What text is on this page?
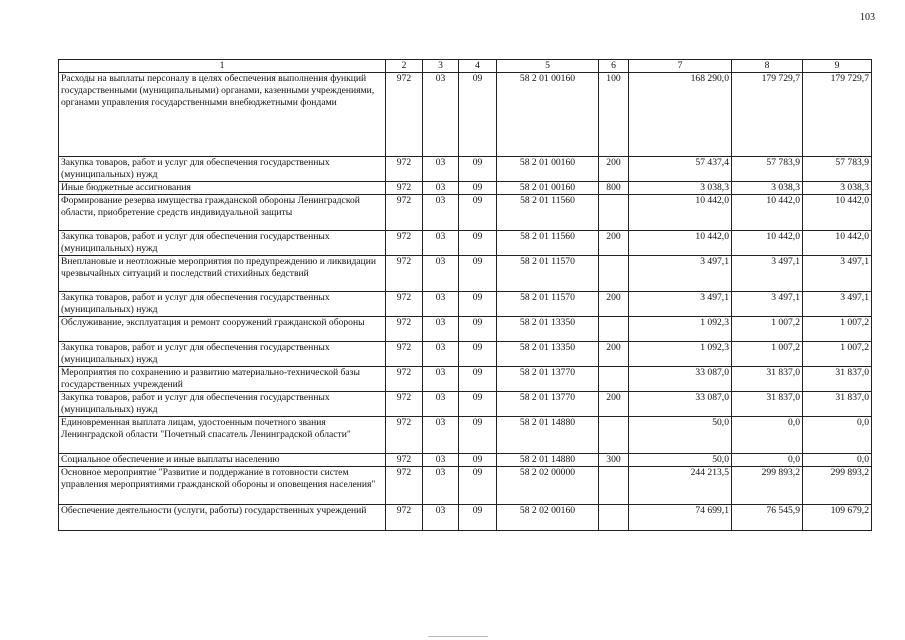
103
1	2	3	4	5	6	7	8	9
Расходы на выплаты персоналу в целях обеспечения выполнения функций государственными (муниципальными) органами, казенными учреждениями, органами управления государственными внебюджетными фондами	972	03	09	58 2 01 00160	100	168 290,0	179 729,7	179 729,7
Закупка товаров, работ и услуг для обеспечения государственных (муниципальных) нужд	972	03	09	58 2 01 00160	200	57 437,4	57 783,9	57 783,9
Иные бюджетные ассигнования	972	03	09	58 2 01 00160	800	3 038,3	3 038,3	3 038,3
Формирование резерва имущества гражданской обороны Ленинградской области, приобретение средств индивидуальной защиты	972	03	09	58 2 01 11560		10 442,0	10 442,0	10 442,0
Закупка товаров, работ и услуг для обеспечения государственных (муниципальных) нужд	972	03	09	58 2 01 11560	200	10 442,0	10 442,0	10 442,0
Внеплановые и неотложные мероприятия по предупреждению и ликвидации чрезвычайных ситуаций и последствий стихийных бедствий	972	03	09	58 2 01 11570		3 497,1	3 497,1	3 497,1
Закупка товаров, работ и услуг для обеспечения государственных (муниципальных) нужд	972	03	09	58 2 01 11570	200	3 497,1	3 497,1	3 497,1
Обслуживание, эксплуатация и ремонт сооружений гражданской обороны	972	03	09	58 2 01 13350		1 092,3	1 007,2	1 007,2
Закупка товаров, работ и услуг для обеспечения государственных (муниципальных) нужд	972	03	09	58 2 01 13350	200	1 092,3	1 007,2	1 007,2
Мероприятия по сохранению и развитию материально-технической базы государственных учреждений	972	03	09	58 2 01 13770		33 087,0	31 837,0	31 837,0
Закупка товаров, работ и услуг для обеспечения государственных (муниципальных) нужд	972	03	09	58 2 01 13770	200	33 087,0	31 837,0	31 837,0
Единовременная выплата лицам, удостоенным почетного звания Ленинградской области "Почетный спасатель Ленинградской области"	972	03	09	58 2 01 14880		50,0	0,0	0,0
Социальное обеспечение и иные выплаты населению	972	03	09	58 2 01 14880	300	50,0	0,0	0,0
Основное мероприятие "Развитие и поддержание в готовности систем управления мероприятиями гражданской обороны и оповещения населения"	972	03	09	58 2 02 00000		244 213,5	299 893,2	299 893,2
Обеспечение деятельности (услуги, работы) государственных учреждений	972	03	09	58 2 02 00160		74 699,1	76 545,9	109 679,2
